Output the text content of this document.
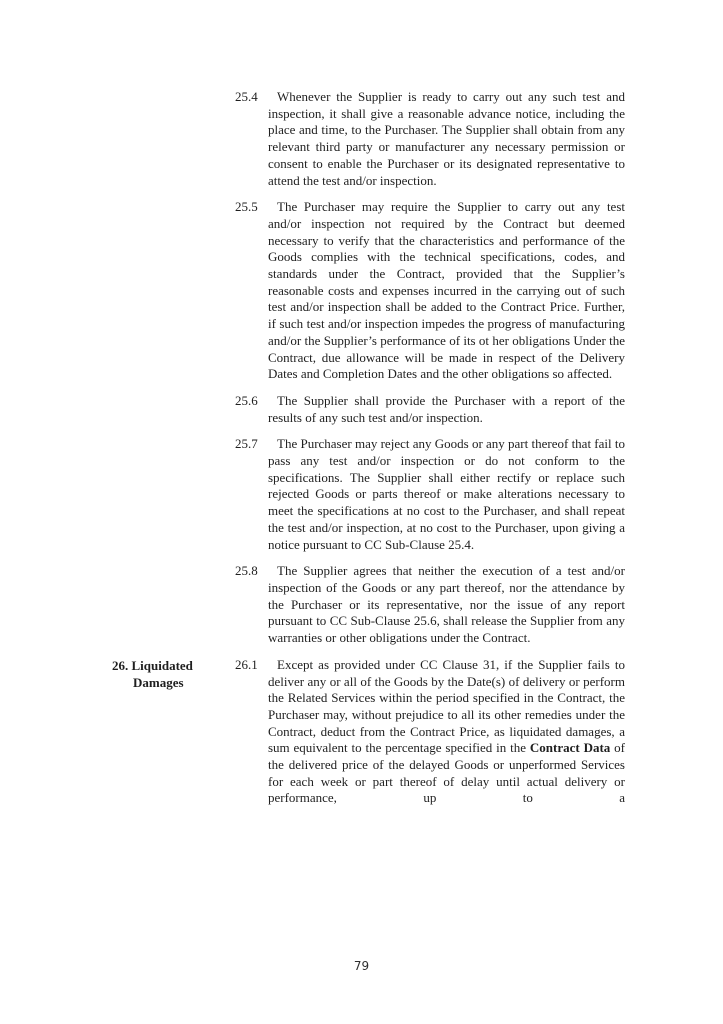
25.4	Whenever the Supplier is ready to carry out any such test and inspection, it shall give a reasonable advance notice, including the place and time, to the Purchaser. The Supplier shall obtain from any relevant third party or manufacturer any necessary permission or consent to enable the Purchaser or its designated representative to attend the test and/or inspection.

25.5	The Purchaser may require the Supplier to carry out any test and/or inspection not required by the Contract but deemed necessary to verify that the characteristics and performance of the Goods complies with the technical specifications, codes, and standards under the Contract, provided that the Supplier’s reasonable costs and expenses incurred in the carrying out of such test and/or inspection shall be added to the Contract Price. Further, if such test and/or inspection impedes the progress of manufacturing and/or the Supplier’s performance of its ot her obligations Under the Contract, due allowance will be made in respect of the Delivery Dates and Completion Dates and the other obligations so affected.

25.6	The Supplier shall provide the Purchaser with a report of the results of any such test and/or inspection.

25.7	The Purchaser may reject any Goods or any part thereof that fail to pass any test and/or inspection or do not conform to the specifications. The Supplier shall either rectify or replace such rejected Goods or parts thereof or make alterations necessary to meet the specifications at no cost to the Purchaser, and shall repeat the test and/or inspection, at no cost to the Purchaser, upon giving a notice pursuant to CC Sub-Clause 25.4.

25.8	The Supplier agrees that neither the execution of a test and/or inspection of the Goods or any part thereof, nor the attendance by the Purchaser or its representative, nor the issue of any report pursuant to CC Sub-Clause 25.6, shall release the Supplier from any warranties or other obligations under the Contract.

26. Liquidated
Damages
26.1	Except as provided under CC Clause 31, if the Supplier fails to deliver any or all of the Goods by the Date(s) of delivery or perform the Related Services within the period specified in the Contract, the Purchaser may, without prejudice to all its other remedies under the Contract, deduct from the Contract Price, as liquidated damages, a sum equivalent to the percentage specified in the Contract Data of the delivered price of the delayed Goods or unperformed Services for each week or part thereof of delay until actual delivery or performance, up to a

79
